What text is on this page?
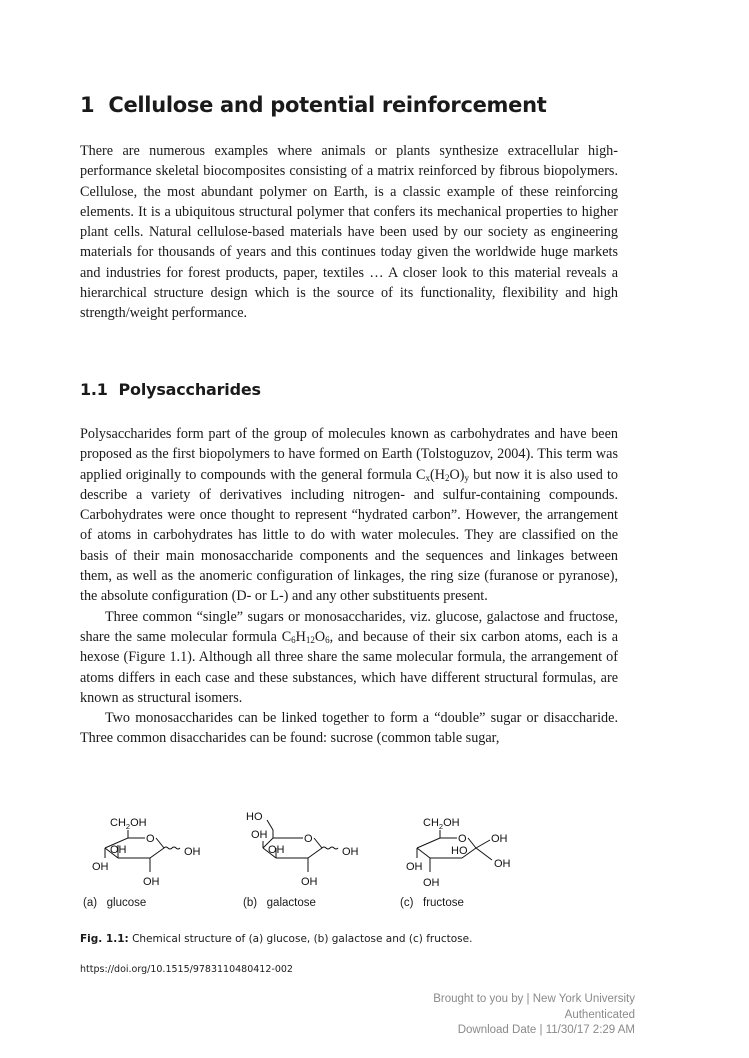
1 Cellulose and potential reinforcement

There are numerous examples where animals or plants synthesize extracellular high-performance skeletal biocomposites consisting of a matrix reinforced by fibrous biopolymers. Cellulose, the most abundant polymer on Earth, is a classic example of these reinforcing elements. It is a ubiquitous structural polymer that confers its mechanical properties to higher plant cells. Natural cellulose-based materials have been used by our society as engineering materials for thousands of years and this continues today given the worldwide huge markets and industries for forest products, paper, textiles … A closer look to this material reveals a hierarchical structure design which is the source of its functionality, flexibility and high strength/weight performance.

1.1 Polysaccharides

Polysaccharides form part of the group of molecules known as carbohydrates and have been proposed as the first biopolymers to have formed on Earth (Tolstoguzov, 2004). This term was applied originally to compounds with the general formula $C_x(H_2O)_y$ but now it is also used to describe a variety of derivatives including nitrogen- and sulfur-containing compounds. Carbohydrates were once thought to represent “hydrated carbon”. However, the arrangement of atoms in carbohydrates has little to do with water molecules. They are classified on the basis of their main monosaccharide components and the sequences and linkages between them, as well as the anomeric configuration of linkages, the ring size (furanose or pyranose), the absolute configuration (D- or L-) and any other substituents present.

Three common “single” sugars or monosaccharides, viz. glucose, galactose and fructose, share the same molecular formula $C_6H_{12}O_6$, and because of their six carbon atoms, each is a hexose (Figure 1.1). Although all three share the same molecular formula, the arrangement of atoms differs in each case and these substances, which have different structural formulas, are known as structural isomers.

Two monosaccharides can be linked together to form a “double” sugar or disaccharide. Three common disaccharides can be found: sucrose (common table sugar,

$CH_2OH$
O
OH	OH
OH
OH
HO
OH	O
OH	OH
OH
$CH_2OH$
O OH
HO
OH
OH
OH
(a) glucose	(b) galactose	(c) fructose
Fig. 1.1: Chemical structure of (a) glucose, (b) galactose and (c) fructose.
https://doi.org/10.1515/9783110480412-002
Brought to you by | New York University
Authenticated
Download Date | 11/30/17 2:29 AM
